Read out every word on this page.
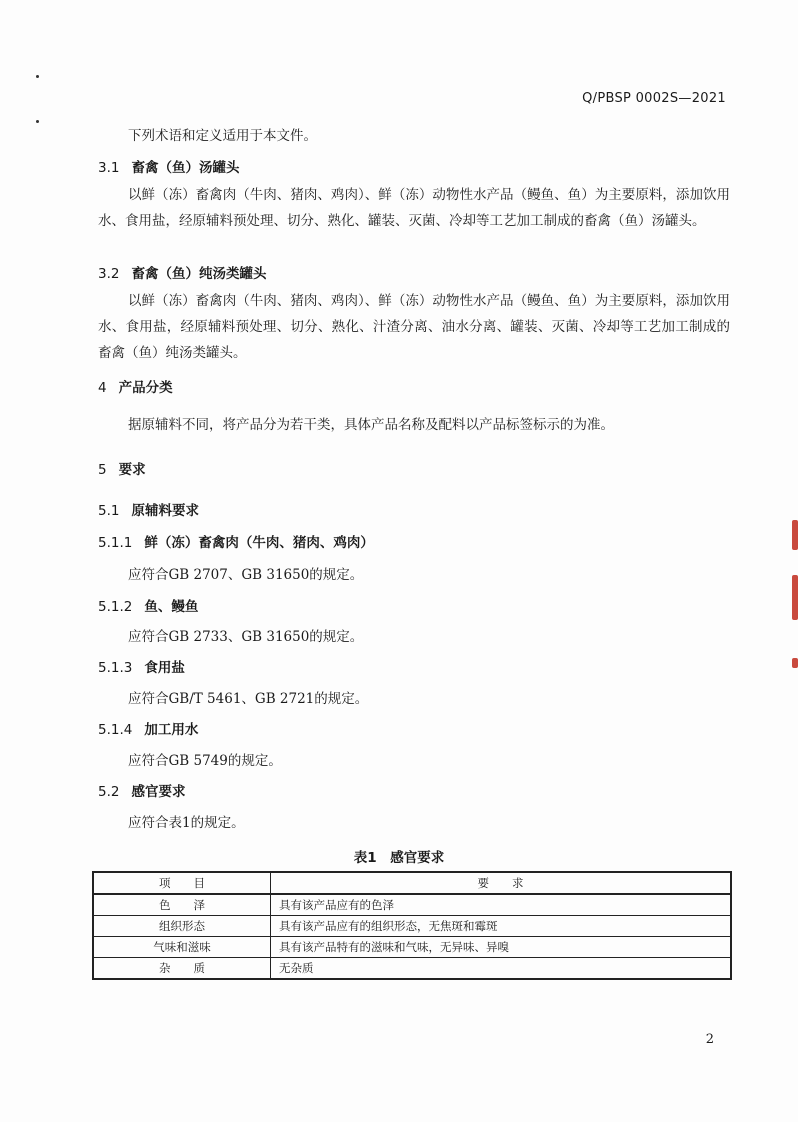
Q/PBSP 0002S—2021
下列术语和定义适用于本文件。
3.1 畜禽（鱼）汤罐头
以鲜（冻）畜禽肉（牛肉、猪肉、鸡肉）、鲜（冻）动物性水产品（鳗鱼、鱼）为主要原料，添加饮用水、食用盐，经原辅料预处理、切分、熟化、罐装、灭菌、冷却等工艺加工制成的畜禽（鱼）汤罐头。
3.2 畜禽（鱼）纯汤类罐头
以鲜（冻）畜禽肉（牛肉、猪肉、鸡肉）、鲜（冻）动物性水产品（鳗鱼、鱼）为主要原料，添加饮用水、食用盐，经原辅料预处理、切分、熟化、汁渣分离、油水分离、罐装、灭菌、冷却等工艺加工制成的畜禽（鱼）纯汤类罐头。
4 产品分类
据原辅料不同，将产品分为若干类，具体产品名称及配料以产品标签标示的为准。
5 要求
5.1 原辅料要求
5.1.1 鲜（冻）畜禽肉（牛肉、猪肉、鸡肉）
应符合GB 2707、GB 31650的规定。
5.1.2 鱼、鳗鱼
应符合GB 2733、GB 31650的规定。
5.1.3 食用盐
应符合GB/T 5461、GB 2721的规定。
5.1.4 加工用水
应符合GB 5749的规定。
5.2 感官要求
应符合表1的规定。
表1　感官要求
项　　目	要　　求
色　　泽	具有该产品应有的色泽
组织形态	具有该产品应有的组织形态，无焦斑和霉斑
气味和滋味	具有该产品特有的滋味和气味，无异味、异嗅
杂　　质	无杂质
2
